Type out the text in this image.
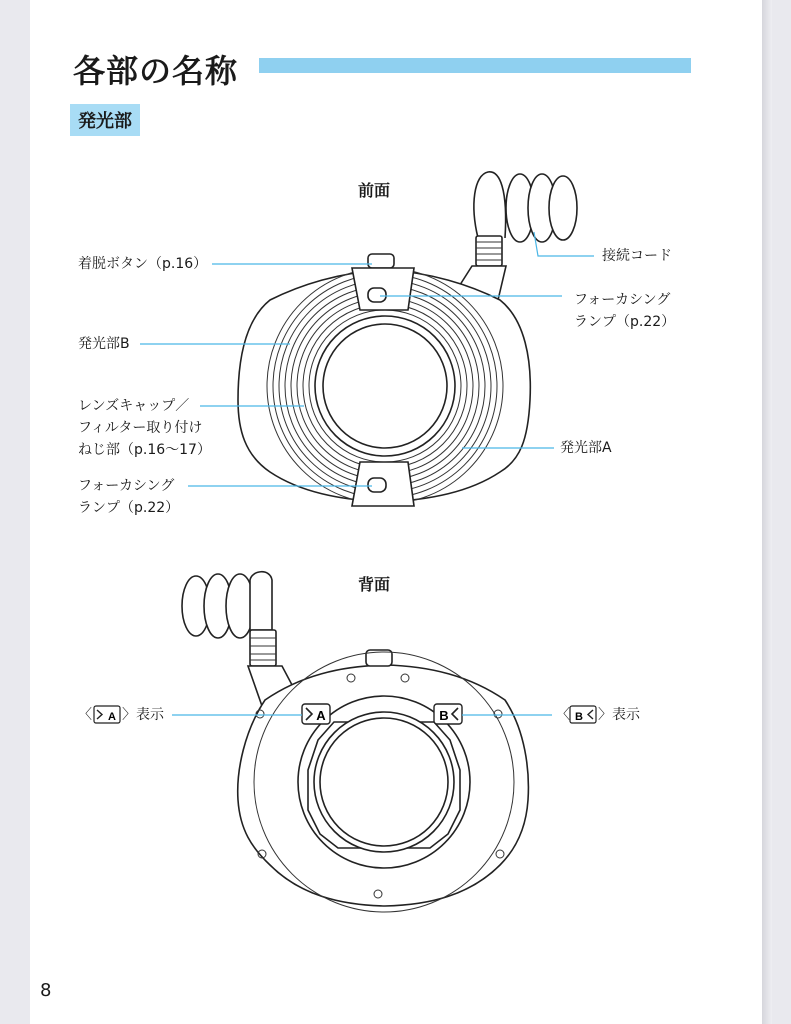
各部の名称
発光部
A	B
A	B
前面
背面
着脱ボタン（p.16）
発光部B
レンズキャップ／
フィルター取り付け
ねじ部（p.16～17）
フォーカシング
ランプ（p.22）
接続コード
フォーカシング
ランプ（p.22）
発光部A
〈 〉表示	〈 〉表示
8
